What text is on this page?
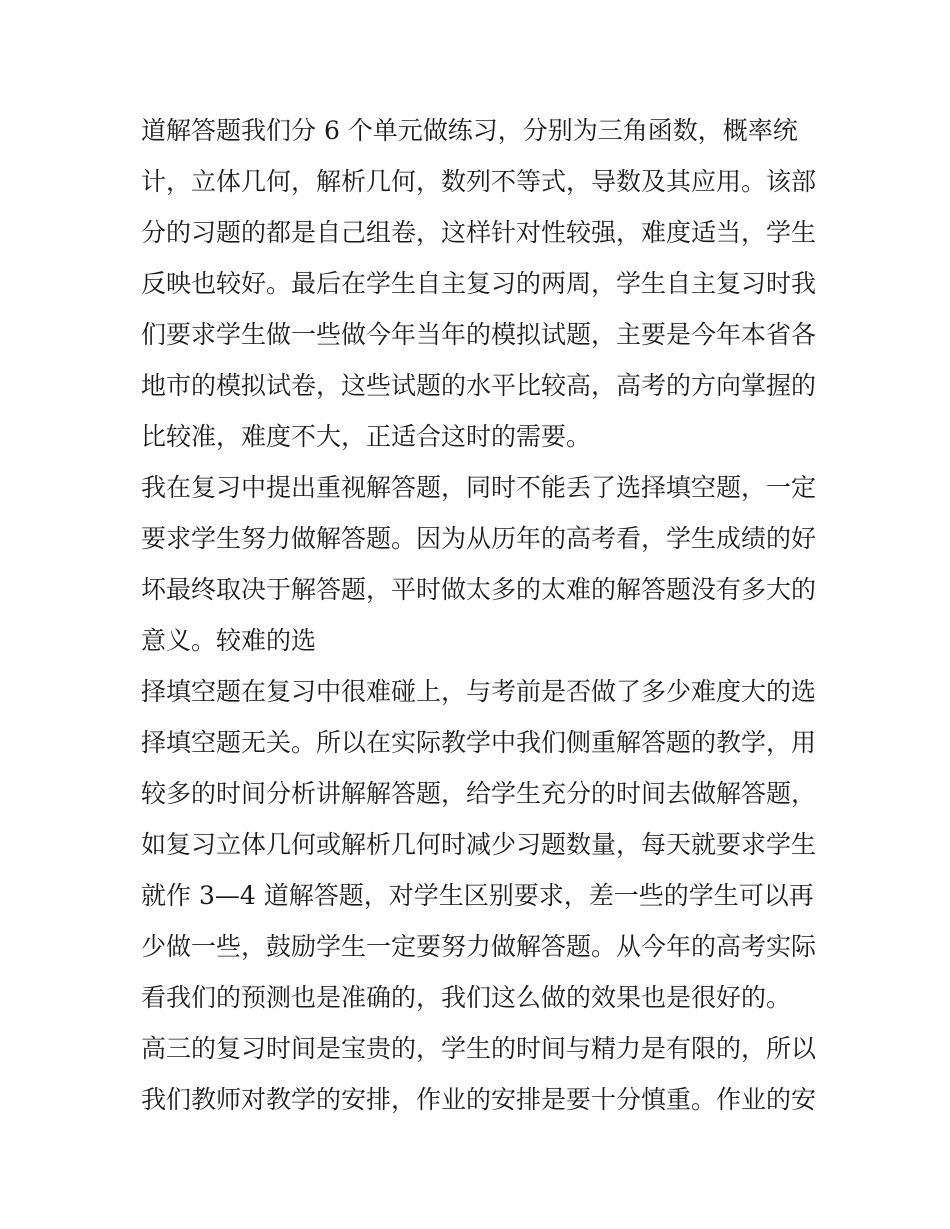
道解答题我们分 6 个单元做练习，分别为三角函数，概率统
计，立体几何，解析几何，数列不等式，导数及其应用。该部
分的习题的都是自己组卷，这样针对性较强，难度适当，学生
反映也较好。最后在学生自主复习的两周，学生自主复习时我
们要求学生做一些做今年当年的模拟试题，主要是今年本省各
地市的模拟试卷，这些试题的水平比较高，高考的方向掌握的
比较准，难度不大，正适合这时的需要。
我在复习中提出重视解答题，同时不能丢了选择填空题，一定
要求学生努力做解答题。因为从历年的高考看，学生成绩的好
坏最终取决于解答题，平时做太多的太难的解答题没有多大的
意义。较难的选
择填空题在复习中很难碰上，与考前是否做了多少难度大的选
择填空题无关。所以在实际教学中我们侧重解答题的教学，用
较多的时间分析讲解解答题，给学生充分的时间去做解答题，
如复习立体几何或解析几何时减少习题数量，每天就要求学生
就作 3—4 道解答题，对学生区别要求，差一些的学生可以再
少做一些，鼓励学生一定要努力做解答题。从今年的高考实际
看我们的预测也是准确的，我们这么做的效果也是很好的。
高三的复习时间是宝贵的，学生的时间与精力是有限的，所以
我们教师对教学的安排，作业的安排是要十分慎重。作业的安
